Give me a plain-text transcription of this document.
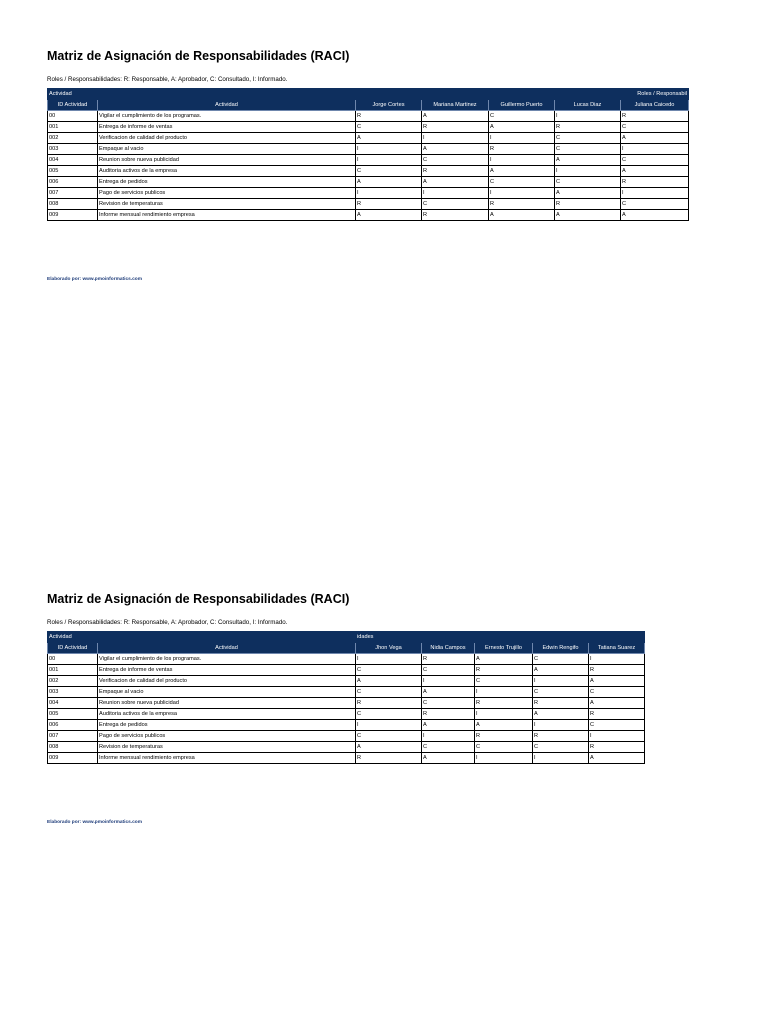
Matriz de Asignación de Responsabilidades (RACI)
Roles / Responsabilidades: R: Responsable, A: Aprobador, C: Consultado, I: Informado.
Actividad		Roles / Responsabil				
ID Actividad	Actividad	Jorge Cortes	Mariana Martinez	Guillermo Puerto	Lucas Diaz	Juliana Caicedo
00	Vigilar el cumplimiento de los programas.	R	A	C	I	R
001	Entrega de informe de ventas	C	R	A	R	C
002	Verificacion de calidad del producto	A	I	I	C	A
003	Empaque al vacio	I	A	R	C	I
004	Reunion sobre nueva publicidad	I	C	I	A	C
005	Auditoria activos de la empresa	C	R	A	I	A
006	Entrega de pedidos	A	A	C	C	R
007	Pago de servicios publicos	I	I	I	A	I
008	Revision de temperaturas	R	C	R	R	C
009	Informe mensual rendimiento empresa	A	R	A	A	A
Elaborado por: www.pmoinformatics.com
Matriz de Asignación de Responsabilidades (RACI)
Roles / Responsabilidades: R: Responsable, A: Aprobador, C: Consultado, I: Informado.
Actividad		idades				
ID Actividad	Actividad	Jhon Vega	Nidia Campos	Ernesto Trujillo	Edwin Rengifo	Tatiana Suarez
00	Vigilar el cumplimiento de los programas.	I	R	A	C	I
001	Entrega de informe de ventas	C	C	R	A	R
002	Verificacion de calidad del producto	A	I	C	I	A
003	Empaque al vacio	C	A	I	C	C
004	Reunion sobre nueva publicidad	R	C	R	R	A
005	Auditoria activos de la empresa	C	R	I	A	R
006	Entrega de pedidos	I	A	A	I	C
007	Pago de servicios publicos	C	I	R	R	I
008	Revision de temperaturas	A	C	C	C	R
009	Informe mensual rendimiento empresa	R	A	I	I	A
Elaborado por: www.pmoinformatics.com
